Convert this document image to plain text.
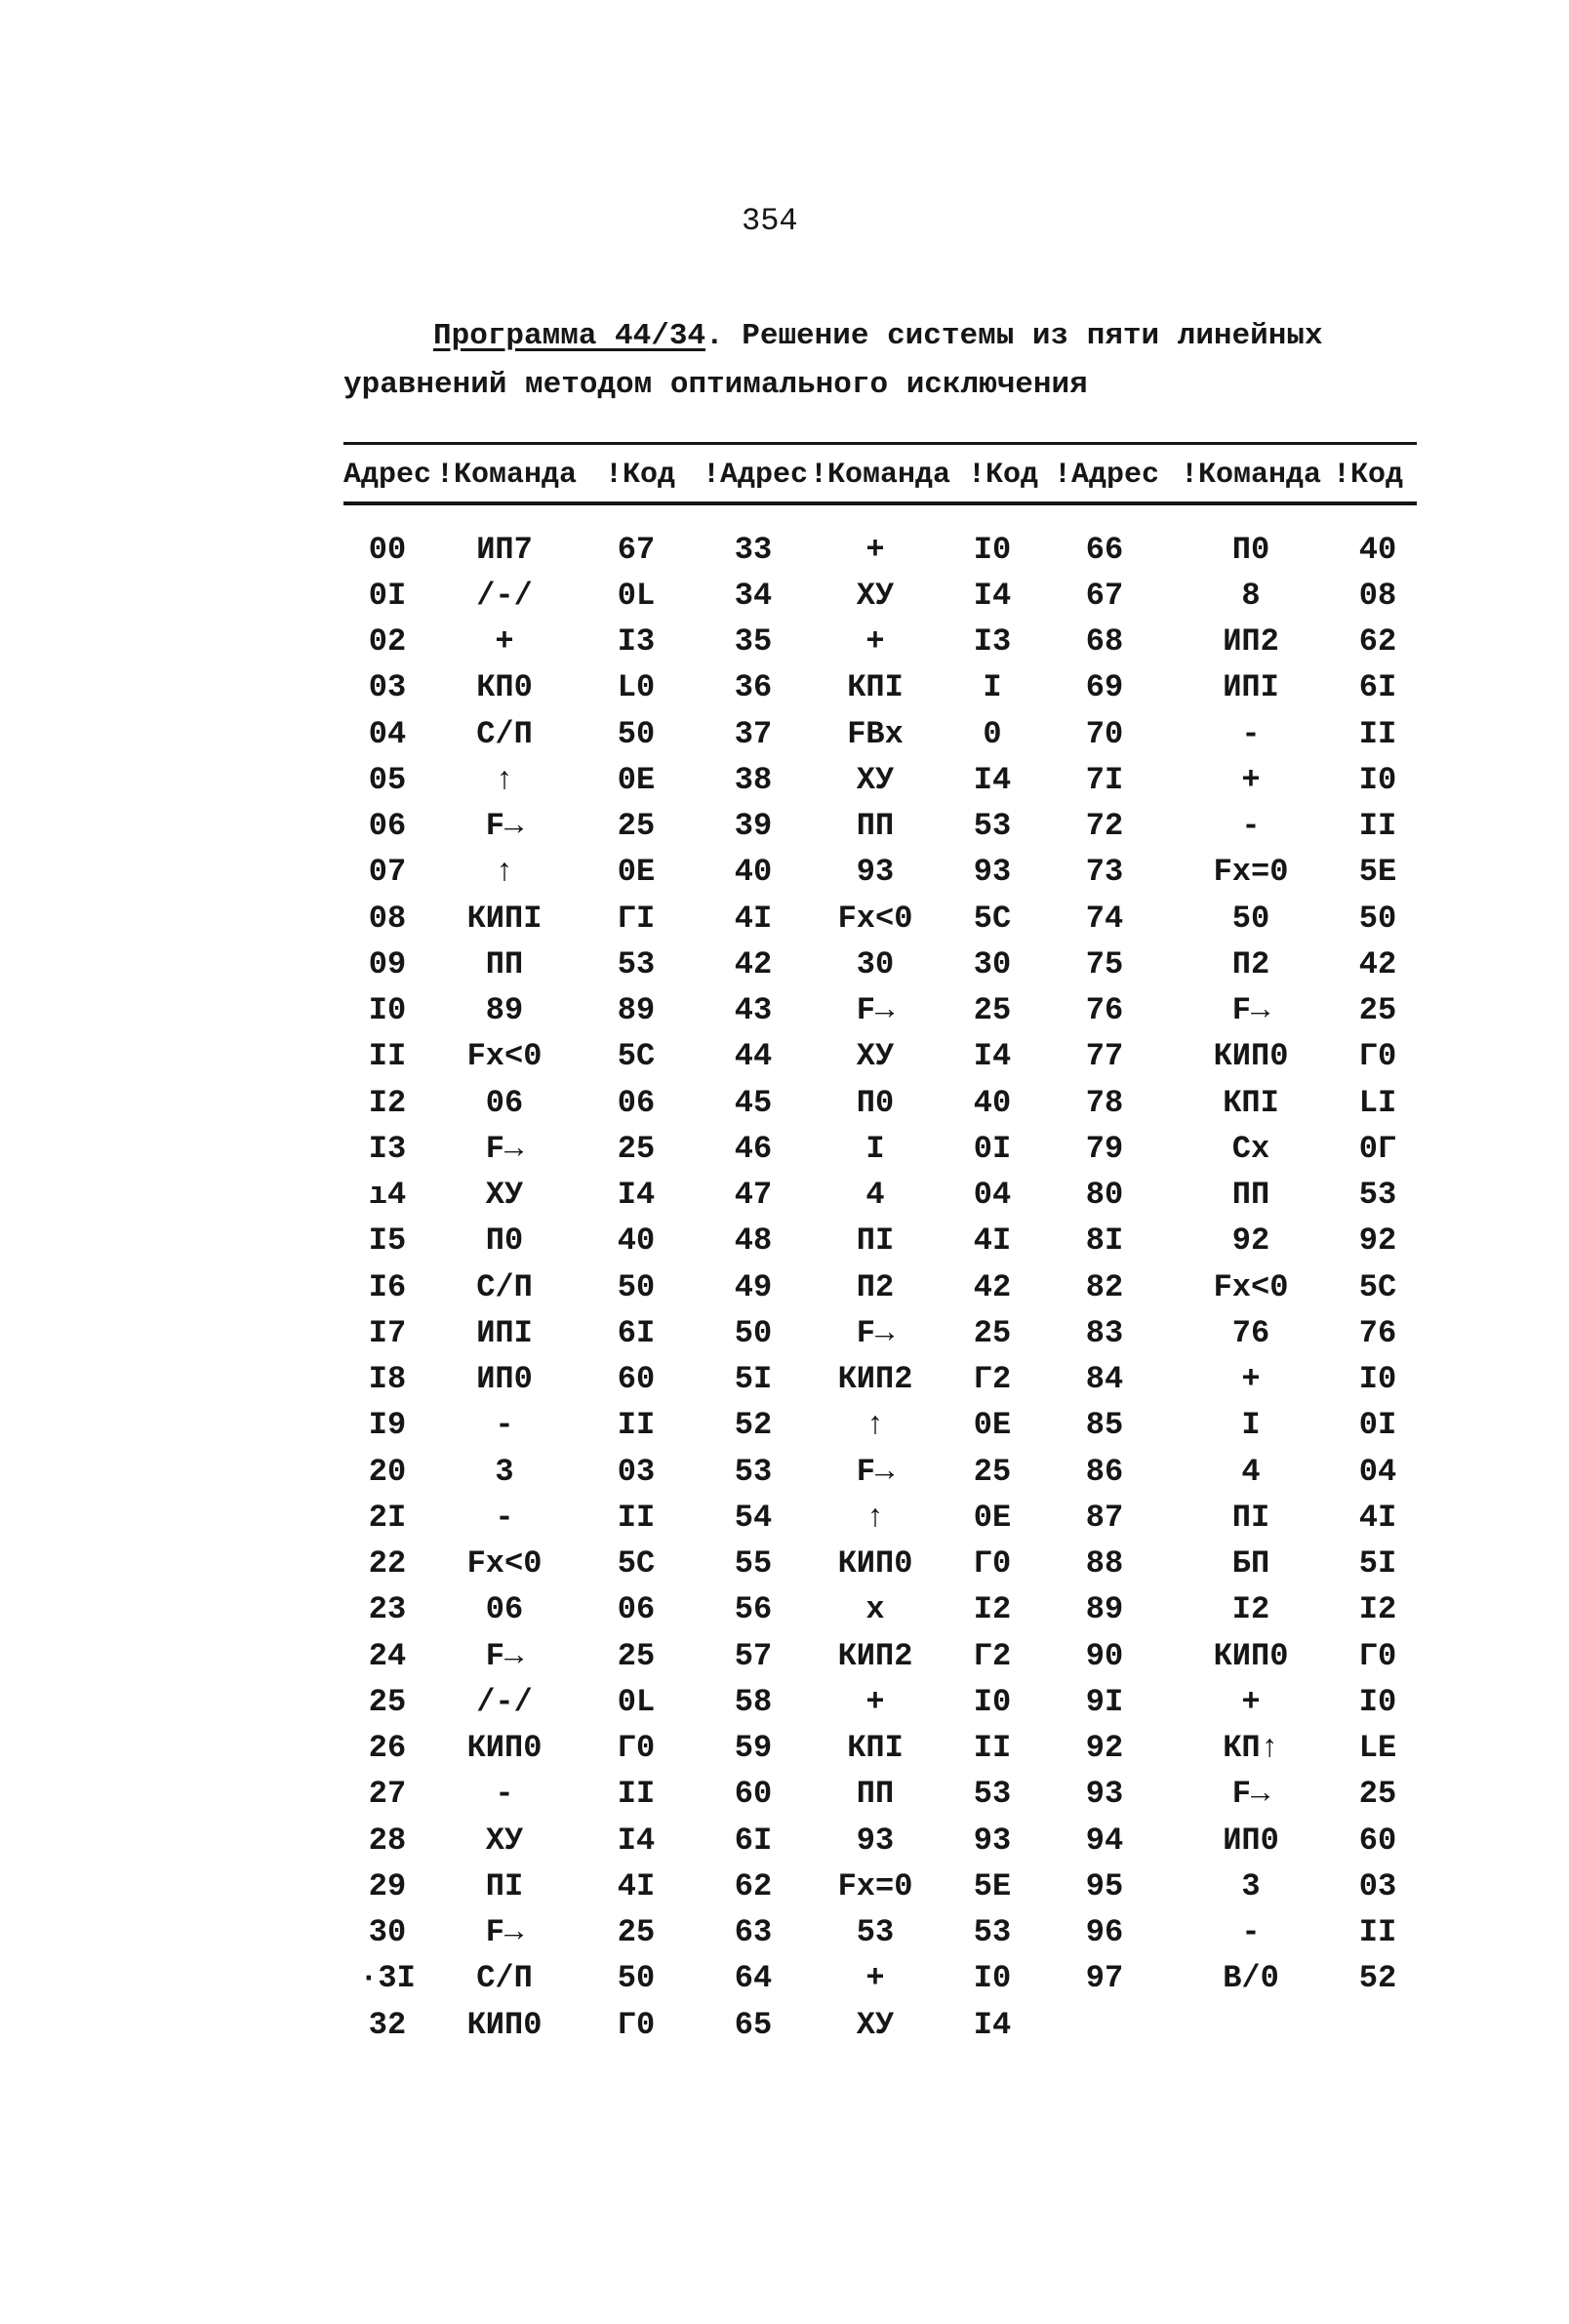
354
Программа 44/34. Решение системы из пяти линейных
уравнений методом оптимального исключения
Адрес !Команда !Код !Адрес !Команда !Код !Адрес !Команда !Код
00	ИП7	67	33	+	I0	66	П0	40
0I	/-/	0L	34	XУ	I4	67	8	08
02	+	I3	35	+	I3	68	ИП2	62
03	КП0	L0	36	КПI	I	69	ИПI	6I
04	С/П	50	37	FBx	0	70	-	II
05	↑	0E	38	XУ	I4	7I	+	I0
06	F→	25	39	ПП	53	72	-	II
07	↑	0E	40	93	93	73	Fx=0	5E
08	КИПI	ГI	4I	Fx<0	5C	74	50	50
09	ПП	53	42	30	30	75	П2	42
I0	89	89	43	F→	25	76	F→	25
II	Fx<0	5C	44	XУ	I4	77	КИП0	Г0
I2	06	06	45	П0	40	78	КПI	LI
I3	F→	25	46	I	0I	79	Cx	0Г
ı4	XУ	I4	47	4	04	80	ПП	53
I5	П0	40	48	ПI	4I	8I	92	92
I6	С/П	50	49	П2	42	82	Fx<0	5C
I7	ИПI	6I	50	F→	25	83	76	76
I8	ИП0	60	5I	КИП2	Г2	84	+	I0
I9	-	II	52	↑	0E	85	I	0I
20	3	03	53	F→	25	86	4	04
2I	-	II	54	↑	0E	87	ПI	4I
22	Fx<0	5C	55	КИП0	Г0	88	БП	5I
23	06	06	56	x	I2	89	I2	I2
24	F→	25	57	КИП2	Г2	90	КИП0	Г0
25	/-/	0L	58	+	I0	9I	+	I0
26	КИП0	Г0	59	КПI	II	92	КП↑	LE
27	-	II	60	ПП	53	93	F→	25
28	XУ	I4	6I	93	93	94	ИП0	60
29	ПI	4I	62	Fx=0	5E	95	3	03
30	F→	25	63	53	53	96	-	II
·3I	С/П	50	64	+	I0	97	В/0	52
32	КИП0	Г0	65	XУ	I4
